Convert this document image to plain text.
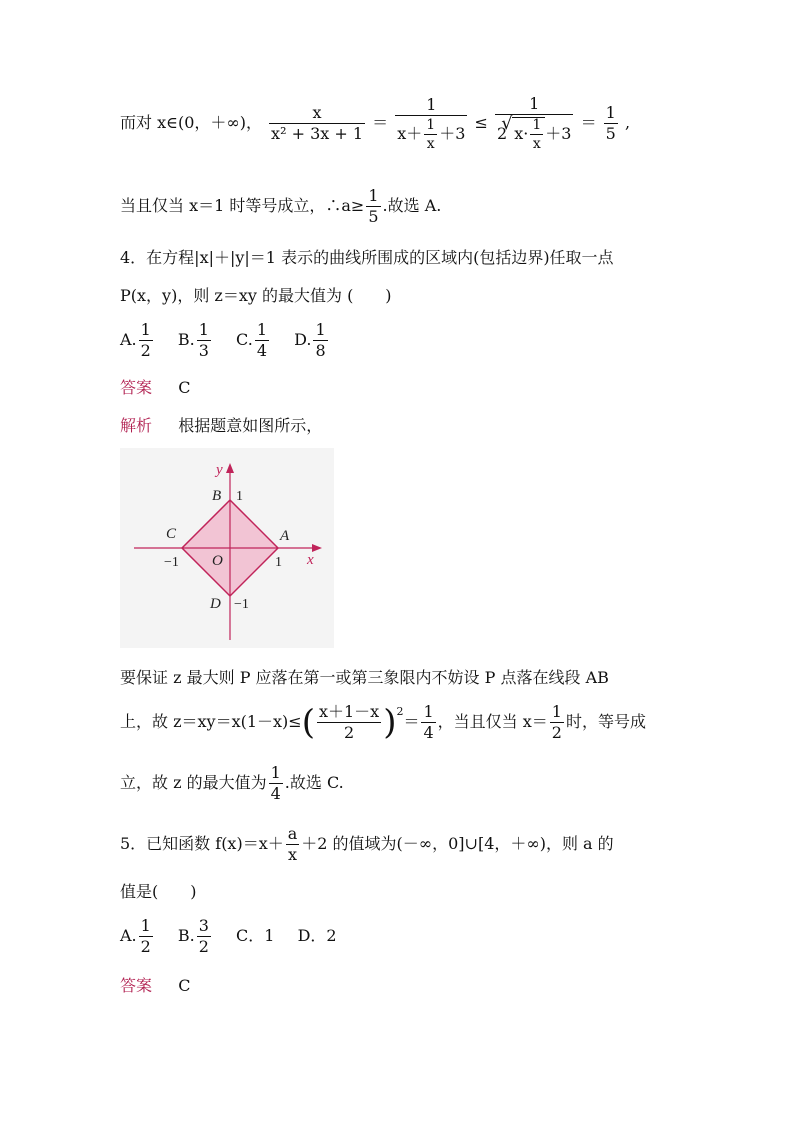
而对 x∈(0，＋∞)， $\frac{x}{\text{x² + 3x + 1}} = \frac{1}{x+ \frac{1}{x} +3} \le \frac{1}{2 √ x\cdot \frac{1}{x} +3} = \frac{1}{5}$ ,
当且仅当 x＝1 时等号成立，∴a≥ $\frac{1}{5}$ .故选 A.
4．在方程|x|＋|y|＝1 表示的曲线所围成的区域内(包括边界)任取一点
P(x，y)，则 z＝xy 的最大值为 (　　)
A. $\frac{1}{2} B$. $\frac{1}{3} C$. $\frac{1}{4} D$. $\frac{1}{8}$
答案 C
解析 根据题意如图所示，
x
y
O
A
B
C
D
1
1
−1
−1
要保证 z 最大则 P 应落在第一或第三象限内不妨设 P 点落在线段 AB
上，故 $z=xy=x(1-x)\le( \frac{x+1-x}{2} )^2= \frac{1}{4}$ ，当且仅当 $x= \frac{1}{2}$ 时，等号成
立，故 z 的最大值为 $\frac{1}{4}$ .故选 C.
5．已知函数 $f(x)=x+ \frac{a}{x} +2$ 的值域为(－∞，0]∪[4，＋∞)，则 a 的
值是(　　)
A. $\frac{1}{2} B$. $\frac{3}{2}$ C．1 D．2
答案 C
